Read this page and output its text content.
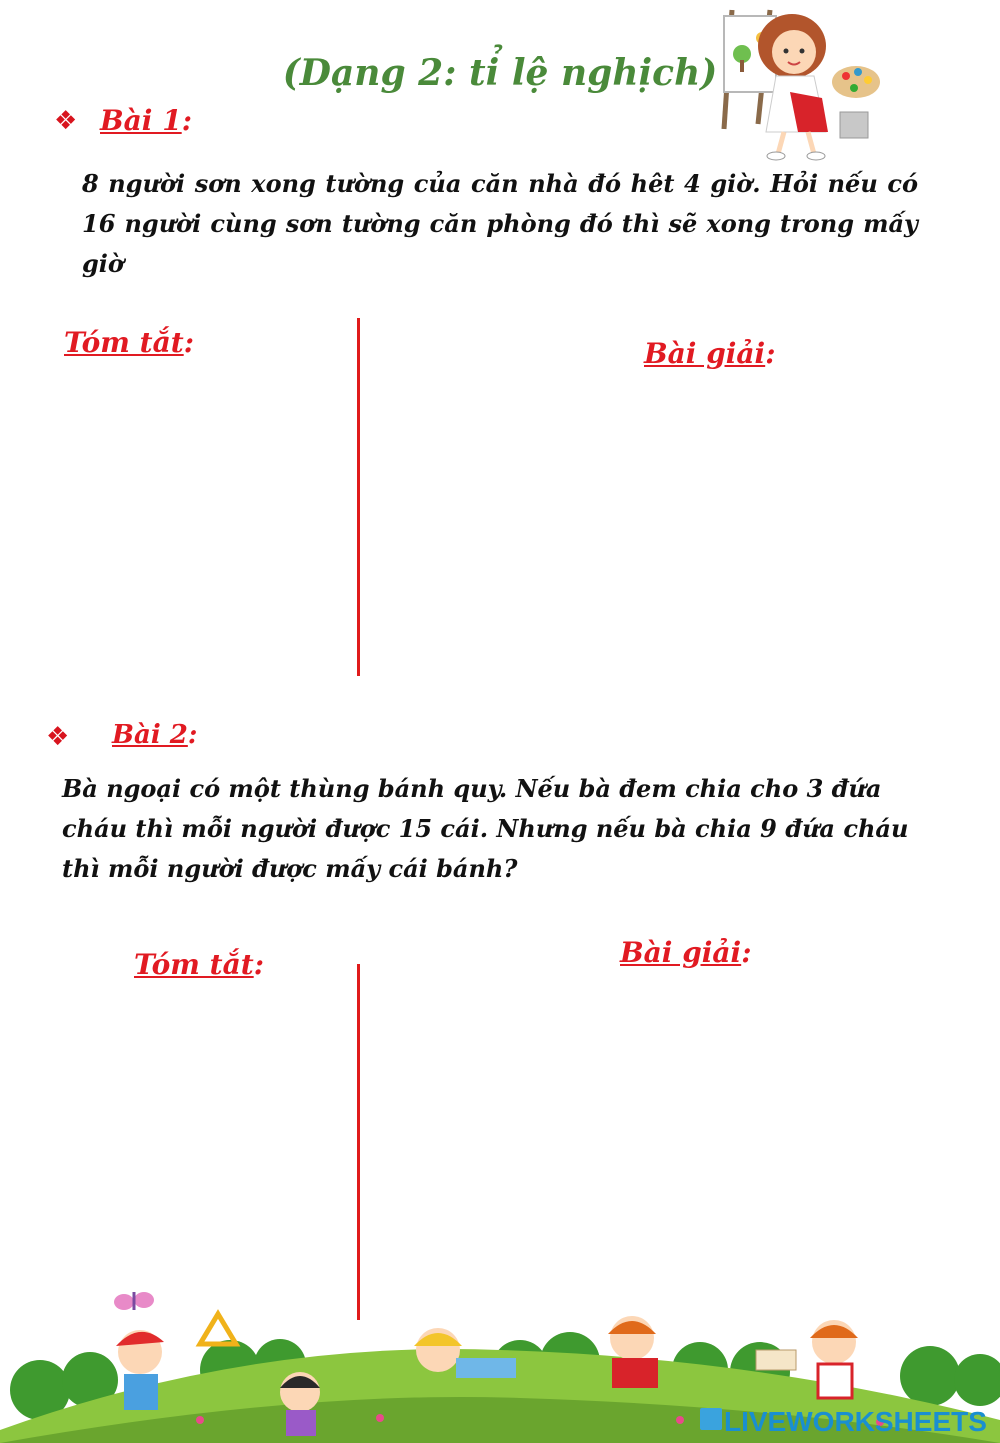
(Dạng 2: tỉ lệ nghịch)
❖ Bài 1:
8 người sơn xong tường của căn nhà đó hêt 4 giờ. Hỏi nếu có 16 người cùng sơn tường căn phòng đó thì sẽ xong trong mấy giờ
Tóm tắt:	Bài giải:
❖ Bài 2:
Bà ngoại có một thùng bánh quy. Nếu bà đem chia cho 3 đứa cháu thì mỗi người được 15 cái. Nhưng nếu bà chia 9 đứa cháu thì mỗi người được mấy cái bánh?
Tóm tắt:	Bài giải:
LIVEWORKSHEETS
